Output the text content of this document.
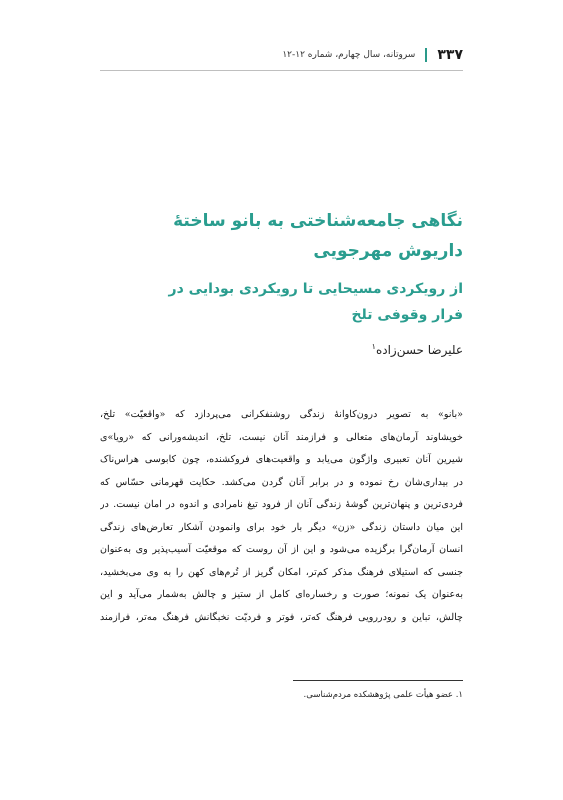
۳۳۷
سروتانه، سال چهارم، شماره ۱۲-۱۲
نگاهی جامعه‌شناختی به بانو ساختهٔ
داریوش مهرجویی
از رویکردی مسیحایی تا رویکردی بودایی در
فرار وقوفی تلخ
علیرضا حسن‌زاده$^۱$
«بانو» به تصویر درون‌کاوانهٔ زندگی روشنفکرانی می‌پردازد که «واقعیّت» تلخ،
خویشاوند آرمان‌های متعالی و فرازمند آنان نیست، تلخ، اندیشه‌ورانی که «رویا»ی
شیرین آنان تعبیری واژگون می‌یابد و واقعیت‌های فروکشنده، چون کابوسی هراس‌ناک
در بیداری‌شان رخ نموده و در برابر آنان گردن می‌کشد. حکایت قهرمانی حسّاس که
فردی‌ترین و پنهان‌ترین گوشهٔ زندگی آنان از فرود تیغ نامرادی و اندوه در امان نیست. در
این میان داستان زندگی «زن» دیگر بار خود برای وانمودن آشکار تعارض‌های زندگی
انسان آرمان‌گرا برگزیده می‌شود و این از آن روست که موقعیّت آسیب‌پذیر وی به‌عنوان
جنسی که استیلای فرهنگ مذکر کم‌تر، امکان گریز از تُرم‌های کهن را به وی می‌بخشید،
به‌عنوان یک نمونه؛ صورت و رخساره‌ای کامل از ستیز و چالش به‌شمار می‌آید و این
چالش، تباین و رودررویی فرهنگ که‌تر، فوتر و فردیّت نخبگانش فرهنگ مه‌تر، فرازمند
۱. عضو هیأت علمی پژوهشکده مردم‌شناسی.
